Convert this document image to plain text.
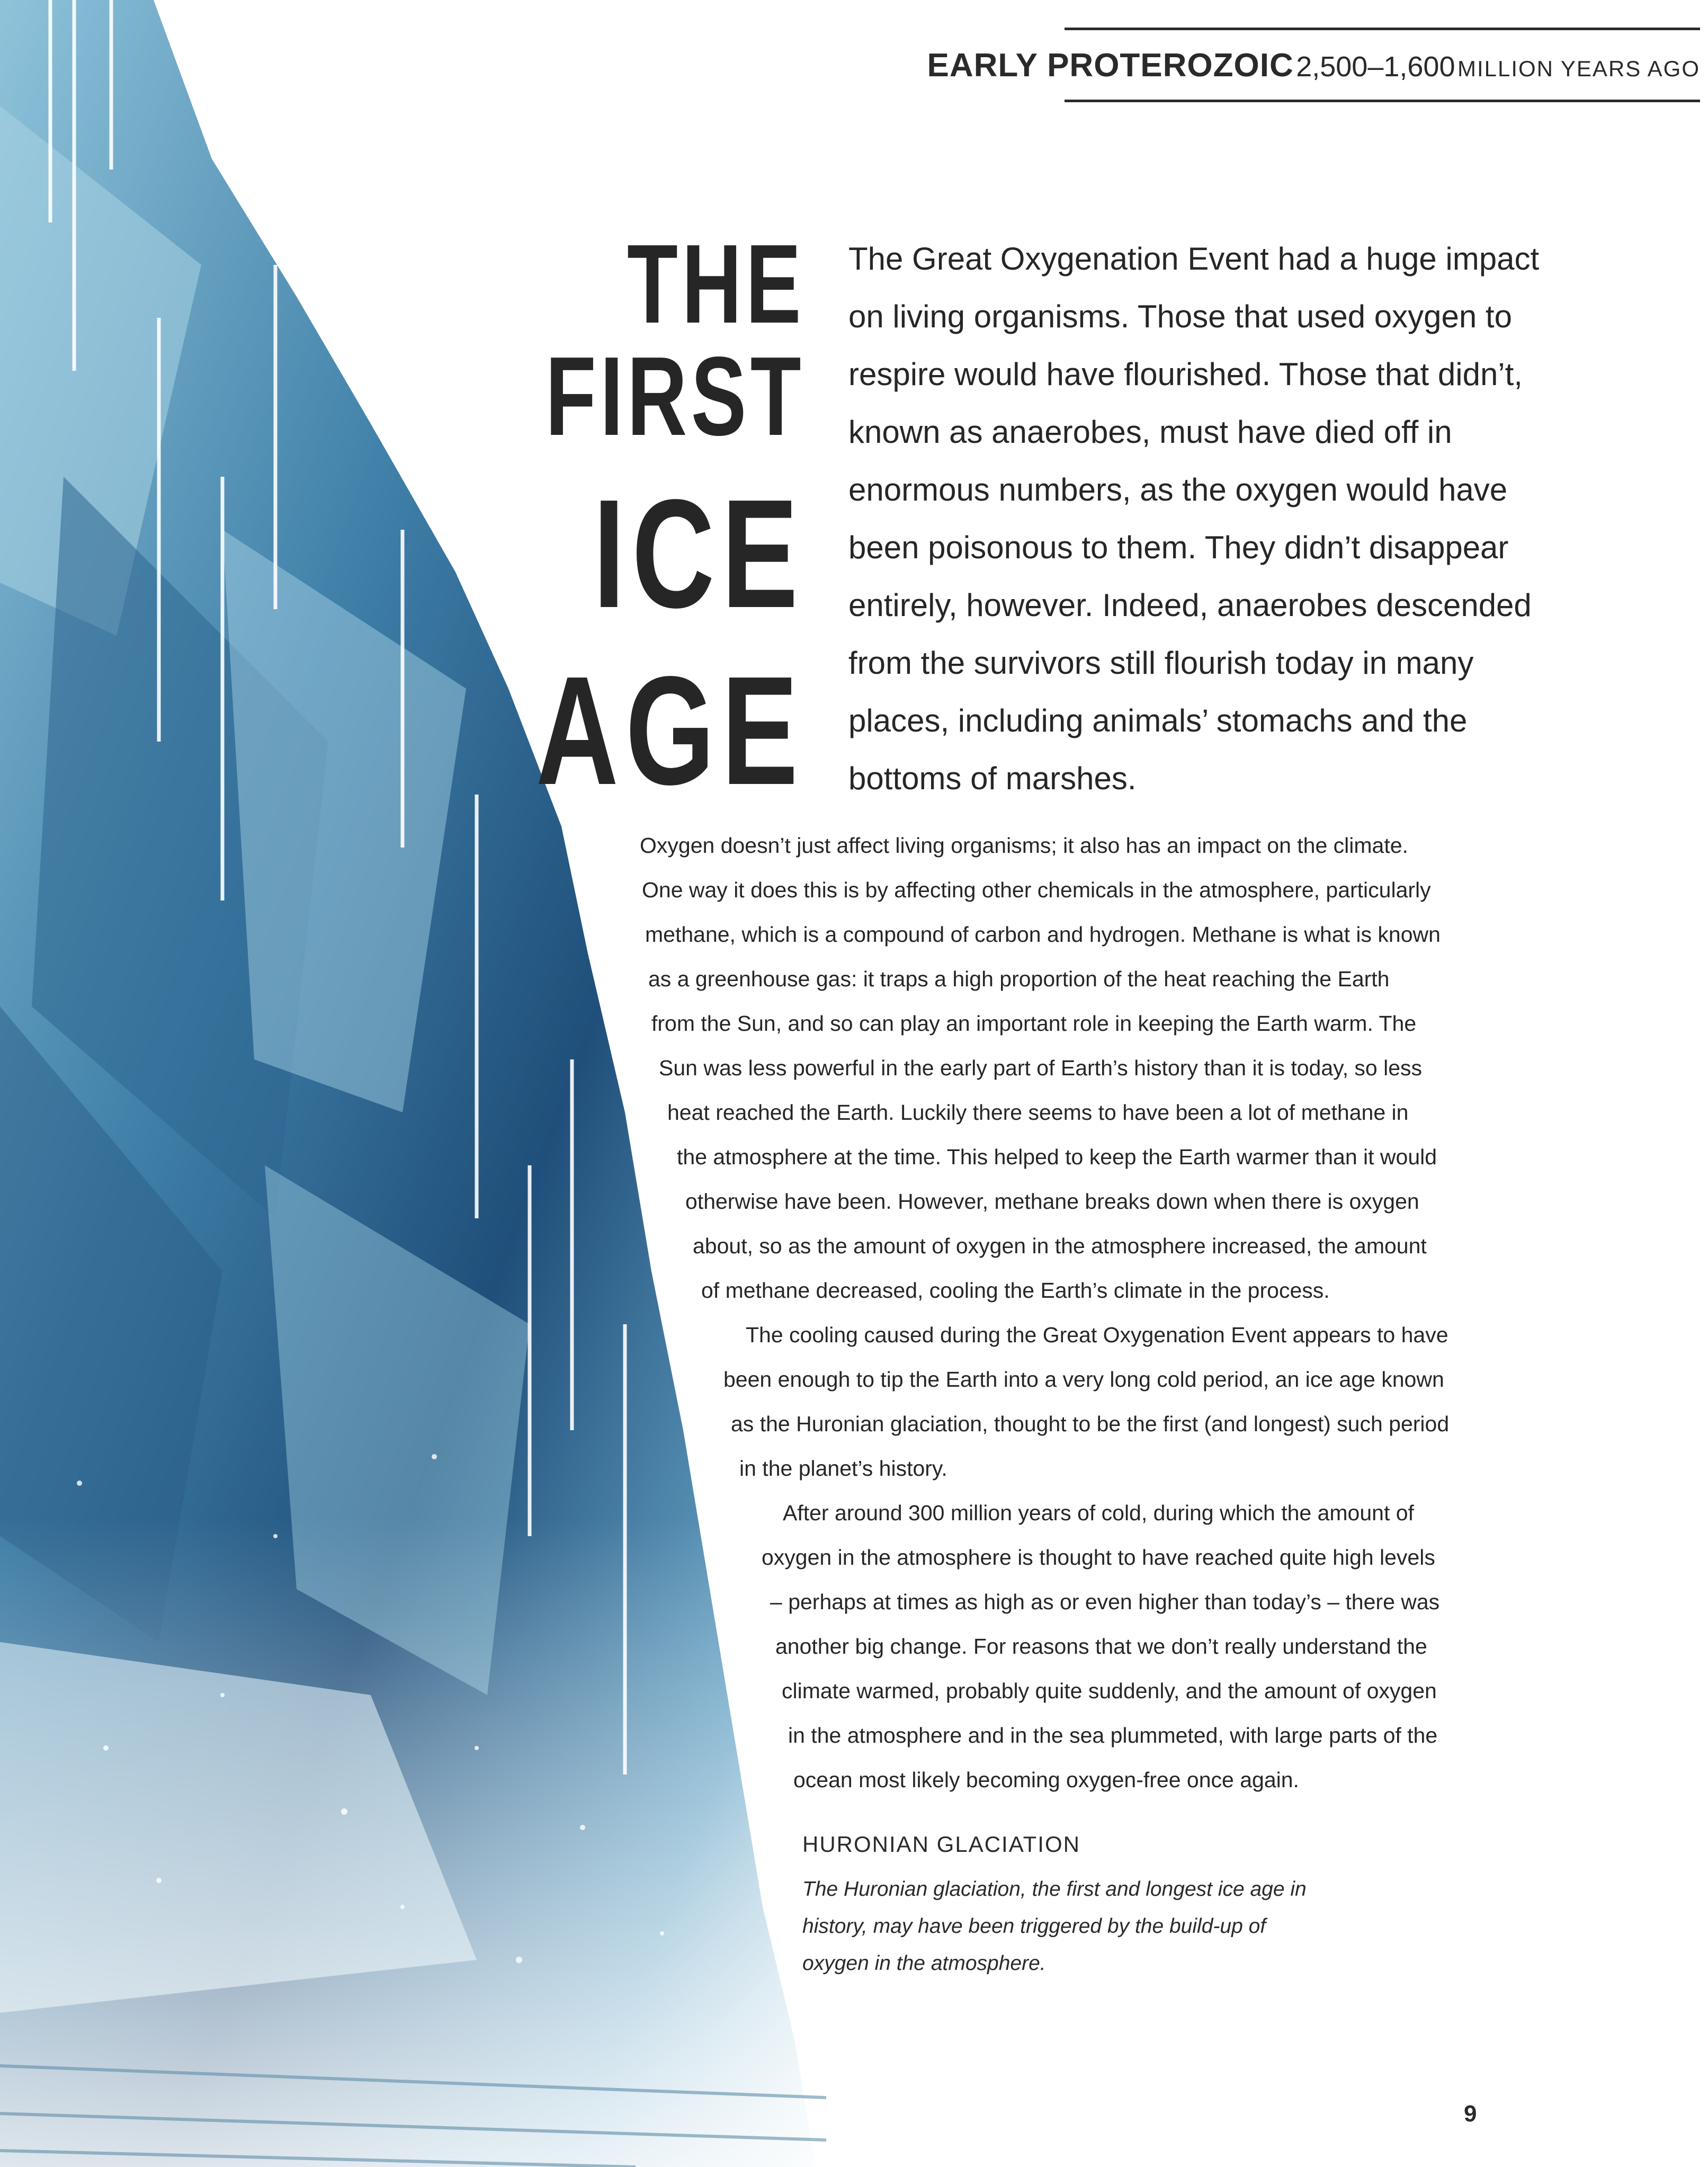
EARLY PROTEROZOIC 2,500–1,600 MILLION YEARS AGO
THE FIRST
ICE
AGE

The Great Oxygenation Event had a huge impact on living organisms. Those that used oxygen to respire would have flourished. Those that didn’t, known as anaerobes, must have died off in enormous numbers, as the oxygen would have been poisonous to them. They didn’t disappear entirely, however. Indeed, anaerobes descended from the survivors still flourish today in many places, including animals’ stomachs and the bottoms of marshes.

Oxygen doesn’t just affect living organisms; it also has an impact on the climate.
One way it does this is by affecting other chemicals in the atmosphere, particularly
methane, which is a compound of carbon and hydrogen. Methane is what is known
as a greenhouse gas: it traps a high proportion of the heat reaching the Earth
from the Sun, and so can play an important role in keeping the Earth warm. The
Sun was less powerful in the early part of Earth’s history than it is today, so less
heat reached the Earth. Luckily there seems to have been a lot of methane in
the atmosphere at the time. This helped to keep the Earth warmer than it would
otherwise have been. However, methane breaks down when there is oxygen
about, so as the amount of oxygen in the atmosphere increased, the amount
of methane decreased, cooling the Earth’s climate in the process.
The cooling caused during the Great Oxygenation Event appears to have
been enough to tip the Earth into a very long cold period, an ice age known
as the Huronian glaciation, thought to be the first (and longest) such period
in the planet’s history.
After around 300 million years of cold, during which the amount of
oxygen in the atmosphere is thought to have reached quite high levels
– perhaps at times as high as or even higher than today’s – there was
another big change. For reasons that we don’t really understand the
climate warmed, probably quite suddenly, and the amount of oxygen
in the atmosphere and in the sea plummeted, with large parts of the
ocean most likely becoming oxygen-free once again.
HURONIAN GLACIATION

The Huronian glaciation, the first and longest ice age in history, may have been triggered by the build-up of oxygen in the atmosphere.

9
